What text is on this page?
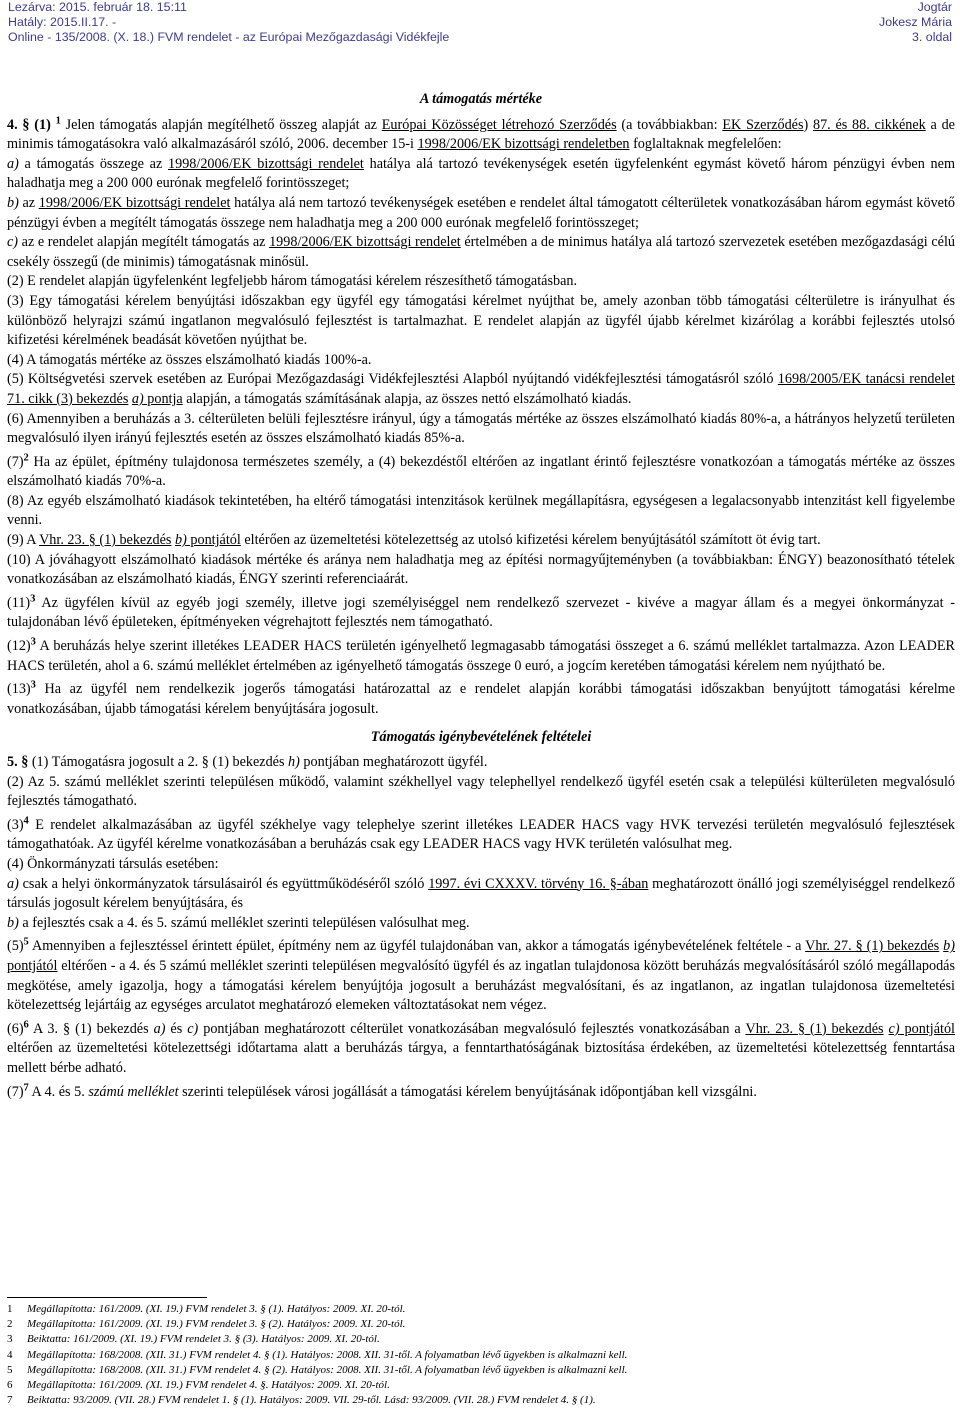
Lezárva: 2015. február 18. 15:11
Hatály: 2015.II.17. -
Online - 135/2008. (X. 18.) FVM rendelet - az Európai Mezőgazdasági Vidékfejle
Jogtár
Jokesz Mária
3. oldal

A támogatás mértéke

4. § (1) $^1$ Jelen támogatás alapján megítélhető összeg alapját az Európai Közösséget létrehozó Szerződés (a továbbiakban: EK Szerződés) 87. és 88. cikkének a de minimis támogatásokra való alkalmazásáról szóló, 2006. december 15-i 1998/2006/EK bizottsági rendeletben foglaltaknak megfelelően:

a) a támogatás összege az 1998/2006/EK bizottsági rendelet hatálya alá tartozó tevékenységek esetén ügyfelenként egymást követő három pénzügyi évben nem haladhatja meg a 200 000 eurónak megfelelő forintösszeget;

b) az 1998/2006/EK bizottsági rendelet hatálya alá nem tartozó tevékenységek esetében e rendelet által támogatott célterületek vonatkozásában három egymást követő pénzügyi évben a megítélt támogatás összege nem haladhatja meg a 200 000 eurónak megfelelő forintösszeget;

c) az e rendelet alapján megítélt támogatás az 1998/2006/EK bizottsági rendelet értelmében a de minimus hatálya alá tartozó szervezetek esetében mezőgazdasági célú csekély összegű (de minimis) támogatásnak minősül.

(2) E rendelet alapján ügyfelenként legfeljebb három támogatási kérelem részesíthető támogatásban.

(3) Egy támogatási kérelem benyújtási időszakban egy ügyfél egy támogatási kérelmet nyújthat be, amely azonban több támogatási célterületre is irányulhat és különböző helyrajzi számú ingatlanon megvalósuló fejlesztést is tartalmazhat. E rendelet alapján az ügyfél újabb kérelmet kizárólag a korábbi fejlesztés utolsó kifizetési kérelmének beadását követően nyújthat be.

(4) A támogatás mértéke az összes elszámolható kiadás 100%-a.

(5) Költségvetési szervek esetében az Európai Mezőgazdasági Vidékfejlesztési Alapból nyújtandó vidékfejlesztési támogatásról szóló 1698/2005/EK tanácsi rendelet 71. cikk (3) bekezdés a) pontja alapján, a támogatás számításának alapja, az összes nettó elszámolható kiadás.

(6) Amennyiben a beruházás a 3. célterületen belüli fejlesztésre irányul, úgy a támogatás mértéke az összes elszámolható kiadás 80%-a, a hátrányos helyzetű területen megvalósuló ilyen irányú fejlesztés esetén az összes elszámolható kiadás 85%-a.

$(7)^2$ Ha az épület, építmény tulajdonosa természetes személy, a (4) bekezdéstől eltérően az ingatlant érintő fejlesztésre vonatkozóan a támogatás mértéke az összes elszámolható kiadás 70%-a.

(8) Az egyéb elszámolható kiadások tekintetében, ha eltérő támogatási intenzitások kerülnek megállapításra, egységesen a legalacsonyabb intenzitást kell figyelembe venni.

(9) A Vhr. 23. § (1) bekezdés b) pontjától eltérően az üzemeltetési kötelezettség az utolsó kifizetési kérelem benyújtásától számított öt évig tart.

(10) A jóváhagyott elszámolható kiadások mértéke és aránya nem haladhatja meg az építési normagyűjteményben (a továbbiakban: ÉNGY) beazonosítható tételek vonatkozásában az elszámolható kiadás, ÉNGY szerinti referenciaárát.

$(11)^3$ Az ügyfélen kívül az egyéb jogi személy, illetve jogi személyiséggel nem rendelkező szervezet - kivéve a magyar állam és a megyei önkormányzat - tulajdonában lévő épületeken, építményeken végrehajtott fejlesztés nem támogatható.

$(12)^3$ A beruházás helye szerint illetékes LEADER HACS területén igényelhető legmagasabb támogatási összeget a 6. számú melléklet tartalmazza. Azon LEADER HACS területén, ahol a 6. számú melléklet értelmében az igényelhető támogatás összege 0 euró, a jogcím keretében támogatási kérelem nem nyújtható be.

$(13)^3$ Ha az ügyfél nem rendelkezik jogerős támogatási határozattal az e rendelet alapján korábbi támogatási időszakban benyújtott támogatási kérelme vonatkozásában, újabb támogatási kérelem benyújtására jogosult.

Támogatás igénybevételének feltételei

5. § (1) Támogatásra jogosult a 2. § (1) bekezdés h) pontjában meghatározott ügyfél.

(2) Az 5. számú melléklet szerinti településen működő, valamint székhellyel vagy telephellyel rendelkező ügyfél esetén csak a települési külterületen megvalósuló fejlesztés támogatható.

$(3)^4$ E rendelet alkalmazásában az ügyfél székhelye vagy telephelye szerint illetékes LEADER HACS vagy HVK tervezési területén megvalósuló fejlesztések támogathatóak. Az ügyfél kérelme vonatkozásában a beruházás csak egy LEADER HACS vagy HVK területén valósulhat meg.

(4) Önkormányzati társulás esetében:

a) csak a helyi önkormányzatok társulásairól és együttműködéséről szóló 1997. évi CXXXV. törvény 16. §-ában meghatározott önálló jogi személyiséggel rendelkező társulás jogosult kérelem benyújtására, és

b) a fejlesztés csak a 4. és 5. számú melléklet szerinti településen valósulhat meg.

$(5)^5$ Amennyiben a fejlesztéssel érintett épület, építmény nem az ügyfél tulajdonában van, akkor a támogatás igénybevételének feltétele - a Vhr. 27. § (1) bekezdés b) pontjától eltérően - a 4. és 5 számú melléklet szerinti településen megvalósító ügyfél és az ingatlan tulajdonosa között beruházás megvalósításáról szóló megállapodás megkötése, amely igazolja, hogy a támogatási kérelem benyújtója jogosult a beruházást megvalósítani, és az ingatlanon, az ingatlan tulajdonosa üzemeltetési kötelezettség lejártáig az egységes arculatot meghatározó elemeken változtatásokat nem végez.

$(6)^6$ A 3. § (1) bekezdés a) és c) pontjában meghatározott célterület vonatkozásában megvalósuló fejlesztés vonatkozásában a Vhr. 23. § (1) bekezdés c) pontjától eltérően az üzemeltetési kötelezettségi időtartama alatt a beruházás tárgya, a fenntarthatóságának biztosítása érdekében, az üzemeltetési kötelezettség fenntartása mellett bérbe adható.

$(7)^7$ A 4. és 5. számú melléklet szerinti települések városi jogállását a támogatási kérelem benyújtásának időpontjában kell vizsgálni.

1 Megállapította: 161/2009. (XI. 19.) FVM rendelet 3. § (1). Hatályos: 2009. XI. 20-tól.
2 Megállapította: 161/2009. (XI. 19.) FVM rendelet 3. § (2). Hatályos: 2009. XI. 20-tól.
3 Beiktatta: 161/2009. (XI. 19.) FVM rendelet 3. § (3). Hatályos: 2009. XI. 20-tól.
4 Megállapította: 168/2008. (XII. 31.) FVM rendelet 4. § (1). Hatályos: 2008. XII. 31-től. A folyamatban lévő ügyekben is alkalmazni kell.
5 Megállapította: 168/2008. (XII. 31.) FVM rendelet 4. § (2). Hatályos: 2008. XII. 31-től. A folyamatban lévő ügyekben is alkalmazni kell.
6 Megállapította: 161/2009. (XI. 19.) FVM rendelet 4. §. Hatályos: 2009. XI. 20-tól.
7 Beiktatta: 93/2009. (VII. 28.) FVM rendelet 1. § (1). Hatályos: 2009. VII. 29-től. Lásd: 93/2009. (VII. 28.) FVM rendelet 4. § (1).
